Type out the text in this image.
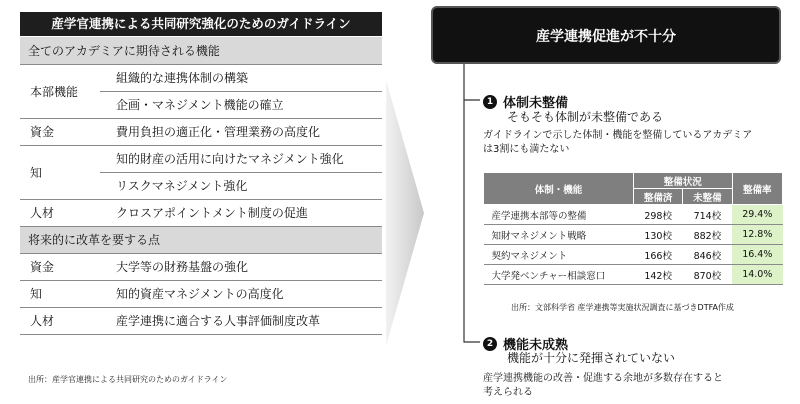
産学官連携による共同研究強化のためのガイドライン
全てのアカデミアに期待される機能	
本部機能	組織的な連携体制の構築
	企画・マネジメント機能の確立
資金	費用負担の適正化・管理業務の高度化
知	知的財産の活用に向けたマネジメント強化
	リスクマネジメント強化
人材	クロスアポイントメント制度の促進
将来的に改革を要する点	
資金	大学等の財務基盤の強化
知	知的資産マネジメントの高度化
人材	産学連携に適合する人事評価制度改革
出所：産学官連携による共同研究のためのガイドライン
産学連携促進が不十分
1 体制未整備
そもそも体制が未整備である
ガイドラインで示した体制・機能を整備しているアカデミア
は3割にも満たない
体制・機能	整備状況		整備率
	整備済	未整備	
産学連携本部等の整備	298校	714校	29.4%
知財マネジメント戦略	130校	882校	12.8%
契約マネジメント	166校	846校	16.4%
大学発ベンチャー相談窓口	142校	870校	14.0%
出所：文部科学省 産学連携等実施状況調査に基づきDTFA作成
2 機能未成熟
機能が十分に発揮されていない
産学連携機能の改善・促進する余地が多数存在すると
考えられる
